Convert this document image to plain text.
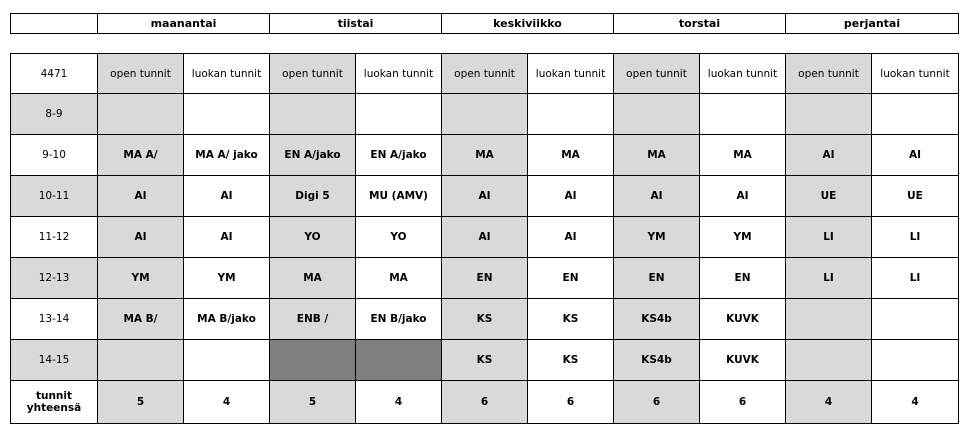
	maanantai	tiistai	keskiviikko	torstai	perjantai
4471	open tunnit	luokan tunnit	open tunnit	luokan tunnit	open tunnit	luokan tunnit	open tunnit	luokan tunnit	open tunnit	luokan tunnit
8-9										
9-10	MA A/	MA A/ jako	EN A/jako	EN A/jako	MA	MA	MA	MA	AI	AI
10-11	AI	AI	Digi 5	MU (AMV)	AI	AI	AI	AI	UE	UE
11-12	AI	AI	YO	YO	AI	AI	YM	YM	LI	LI
12-13	YM	YM	MA	MA	EN	EN	EN	EN	LI	LI
13-14	MA B/	MA B/jako	ENB /	EN B/jako	KS	KS	KS4b	KUVK		
14-15					KS	KS	KS4b	KUVK		
tunnit yhteensä	5	4	5	4	6	6	6	6	4	4
